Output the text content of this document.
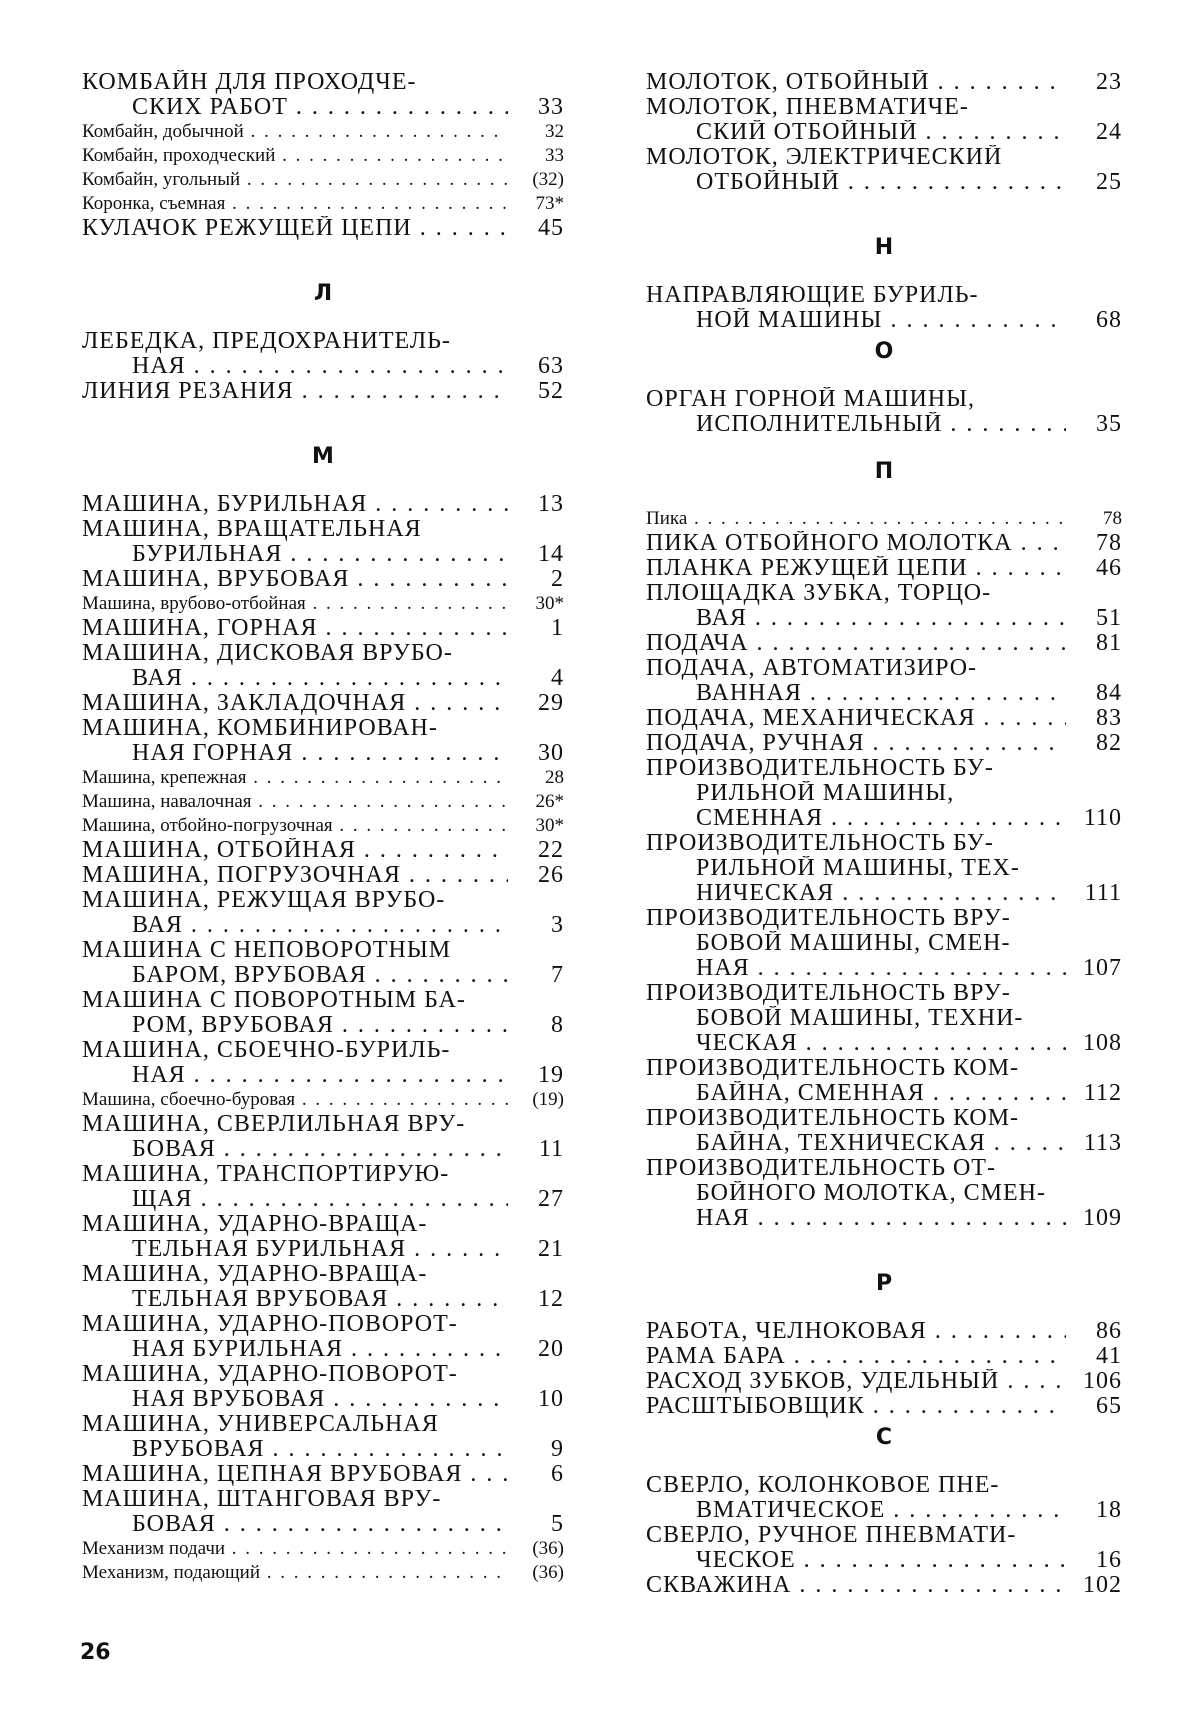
КОМБАЙН ДЛЯ ПРОХОДЧЕ-
СКИХ РАБОТ . . .	33
Комбайн, добычной . . .	32
Комбайн, проходческий . . .	33
Комбайн, угольный . . .	(32)
Коронка, съемная . . .	73*
КУЛАЧОК РЕЖУЩЕЙ ЦЕПИ . . .	45
Л
ЛЕБЕДКА, ПРЕДОХРАНИТЕЛЬ-
НАЯ . . .	63
ЛИНИЯ РЕЗАНИЯ . . .	52
М
МАШИНА, БУРИЛЬНАЯ . . .	13
МАШИНА, ВРАЩАТЕЛЬНАЯ
БУРИЛЬНАЯ . . .	14
МАШИНА, ВРУБОВАЯ . . .	2
Машина, врубово-отбойная . . .	30*
МАШИНА, ГОРНАЯ . . .	1
МАШИНА, ДИСКОВАЯ ВРУБО-
ВАЯ . . .	4
МАШИНА, ЗАКЛАДОЧНАЯ . . .	29
МАШИНА, КОМБИНИРОВАН-
НАЯ ГОРНАЯ . . .	30
Машина, крепежная . . .	28
Машина, навалочная . . .	26*
Машина, отбойно-погрузочная . . .	30*
МАШИНА, ОТБОЙНАЯ . . .	22
МАШИНА, ПОГРУЗОЧНАЯ . . .	26
МАШИНА, РЕЖУЩАЯ ВРУБО-
ВАЯ . . .	3
МАШИНА С НЕПОВОРОТНЫМ
БАРОМ, ВРУБОВАЯ . . .	7
МАШИНА С ПОВОРОТНЫМ БА-
РОМ, ВРУБОВАЯ . . .	8
МАШИНА, СБОЕЧНО-БУРИЛЬ-
НАЯ . . .	19
Машина, сбоечно-буровая . . .	(19)
МАШИНА, СВЕРЛИЛЬНАЯ ВРУ-
БОВАЯ . . .	11
МАШИНА, ТРАНСПОРТИРУЮ-
ЩАЯ . . .	27
МАШИНА, УДАРНО-ВРАЩА-
ТЕЛЬНАЯ БУРИЛЬНАЯ . . .	21
МАШИНА, УДАРНО-ВРАЩА-
ТЕЛЬНАЯ ВРУБОВАЯ . . .	12
МАШИНА, УДАРНО-ПОВОРОТ-
НАЯ БУРИЛЬНАЯ . . .	20
МАШИНА, УДАРНО-ПОВОРОТ-
НАЯ ВРУБОВАЯ . . .	10
МАШИНА, УНИВЕРСАЛЬНАЯ
ВРУБОВАЯ . . .	9
МАШИНА, ЦЕПНАЯ ВРУБОВАЯ . . .	6
МАШИНА, ШТАНГОВАЯ ВРУ-
БОВАЯ . . .	5
Механизм подачи . . .	(36)
Механизм, подающий . . .	(36)
МОЛОТОК, ОТБОЙНЫЙ . . .	23
МОЛОТОК, ПНЕВМАТИЧЕ-
СКИЙ ОТБОЙНЫЙ . . .	24
МОЛОТОК, ЭЛЕКТРИЧЕСКИЙ
ОТБОЙНЫЙ . . .	25
Н
НАПРАВЛЯЮЩИЕ БУРИЛЬ-
НОЙ МАШИНЫ . . .	68
О
ОРГАН ГОРНОЙ МАШИНЫ,
ИСПОЛНИТЕЛЬНЫЙ . . .	35
П
Пика . . .	78
ПИКА ОТБОЙНОГО МОЛОТКА . . .	78
ПЛАНКА РЕЖУЩЕЙ ЦЕПИ . . .	46
ПЛОЩАДКА ЗУБКА, ТОРЦО-
ВАЯ . . .	51
ПОДАЧА . . .	81
ПОДАЧА, АВТОМАТИЗИРО-
ВАННАЯ . . .	84
ПОДАЧА, МЕХАНИЧЕСКАЯ . . .	83
ПОДАЧА, РУЧНАЯ . . .	82
ПРОИЗВОДИТЕЛЬНОСТЬ БУ-
РИЛЬНОЙ МАШИНЫ,
СМЕННАЯ . . .	110
ПРОИЗВОДИТЕЛЬНОСТЬ БУ-
РИЛЬНОЙ МАШИНЫ, ТЕХ-
НИЧЕСКАЯ . . .	111
ПРОИЗВОДИТЕЛЬНОСТЬ ВРУ-
БОВОЙ МАШИНЫ, СМЕН-
НАЯ . . .	107
ПРОИЗВОДИТЕЛЬНОСТЬ ВРУ-
БОВОЙ МАШИНЫ, ТЕХНИ-
ЧЕСКАЯ . . .	108
ПРОИЗВОДИТЕЛЬНОСТЬ КОМ-
БАЙНА, СМЕННАЯ . . .	112
ПРОИЗВОДИТЕЛЬНОСТЬ КОМ-
БАЙНА, ТЕХНИЧЕСКАЯ . . .	113
ПРОИЗВОДИТЕЛЬНОСТЬ ОТ-
БОЙНОГО МОЛОТКА, СМЕН-
НАЯ . . .	109
Р
РАБОТА, ЧЕЛНОКОВАЯ . . .	86
РАМА БАРА . . .	41
РАСХОД ЗУБКОВ, УДЕЛЬНЫЙ . . .	106
РАСШТЫБОВЩИК . . .	65
С
СВЕРЛО, КОЛОНКОВОЕ ПНЕ-
ВМАТИЧЕСКОЕ . . .	18
СВЕРЛО, РУЧНОЕ ПНЕВМАТИ-
ЧЕСКОЕ . . .	16
СКВАЖИНА . . .	102
26
